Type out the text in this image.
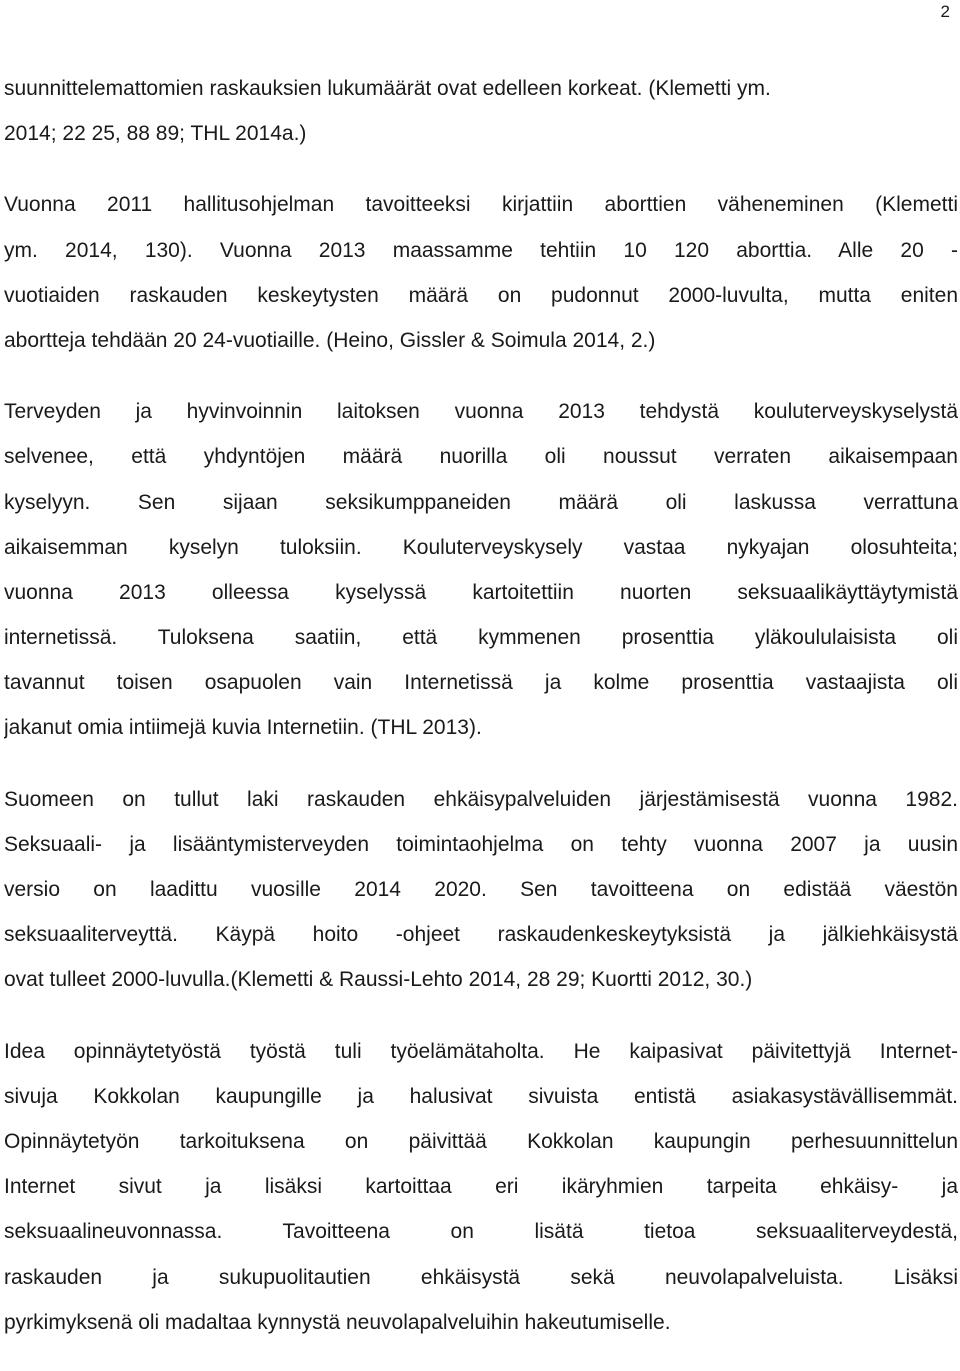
2
suunnittelemattomien raskauksien lukumäärät ovat edelleen korkeat. (Klemetti ym.
2014; 22 25, 88 89; THL 2014a.)
Vuonna 2011 hallitusohjelman tavoitteeksi kirjattiin aborttien väheneminen (Klemetti
ym. 2014, 130). Vuonna 2013 maassamme tehtiin 10 120 aborttia. Alle 20 -
vuotiaiden raskauden keskeytysten määrä on pudonnut 2000-luvulta, mutta eniten
abortteja tehdään 20 24-vuotiaille. (Heino, Gissler & Soimula 2014, 2.)
Terveyden ja hyvinvoinnin laitoksen vuonna 2013 tehdystä kouluterveyskyselystä
selvenee, että yhdyntöjen määrä nuorilla oli noussut verraten aikaisempaan
kyselyyn. Sen sijaan seksikumppaneiden määrä oli laskussa verrattuna
aikaisemman kyselyn tuloksiin. Kouluterveyskysely vastaa nykyajan olosuhteita;
vuonna 2013 olleessa kyselyssä kartoitettiin nuorten seksuaalikäyttäytymistä
internetissä. Tuloksena saatiin, että kymmenen prosenttia yläkoululaisista oli
tavannut toisen osapuolen vain Internetissä ja kolme prosenttia vastaajista oli
jakanut omia intiimejä kuvia Internetiin. (THL 2013).
Suomeen on tullut laki raskauden ehkäisypalveluiden järjestämisestä vuonna 1982.
Seksuaali- ja lisääntymisterveyden toimintaohjelma on tehty vuonna 2007 ja uusin
versio on laadittu vuosille 2014 2020. Sen tavoitteena on edistää väestön
seksuaaliterveyttä. Käypä hoito -ohjeet raskaudenkeskeytyksistä ja jälkiehkäisystä
ovat tulleet 2000-luvulla.(Klemetti & Raussi-Lehto 2014, 28 29; Kuortti 2012, 30.)
Idea opinnäytetyöstä työstä tuli työelämätaholta. He kaipasivat päivitettyjä Internet-
sivuja Kokkolan kaupungille ja halusivat sivuista entistä asiakasystävällisemmät.
Opinnäytetyön tarkoituksena on päivittää Kokkolan kaupungin perhesuunnittelun
Internet sivut ja lisäksi kartoittaa eri ikäryhmien tarpeita ehkäisy- ja
seksuaalineuvonnassa. Tavoitteena on lisätä tietoa seksuaaliterveydestä,
raskauden ja sukupuolitautien ehkäisystä sekä neuvolapalveluista. Lisäksi
pyrkimyksenä oli madaltaa kynnystä neuvolapalveluihin hakeutumiselle.
